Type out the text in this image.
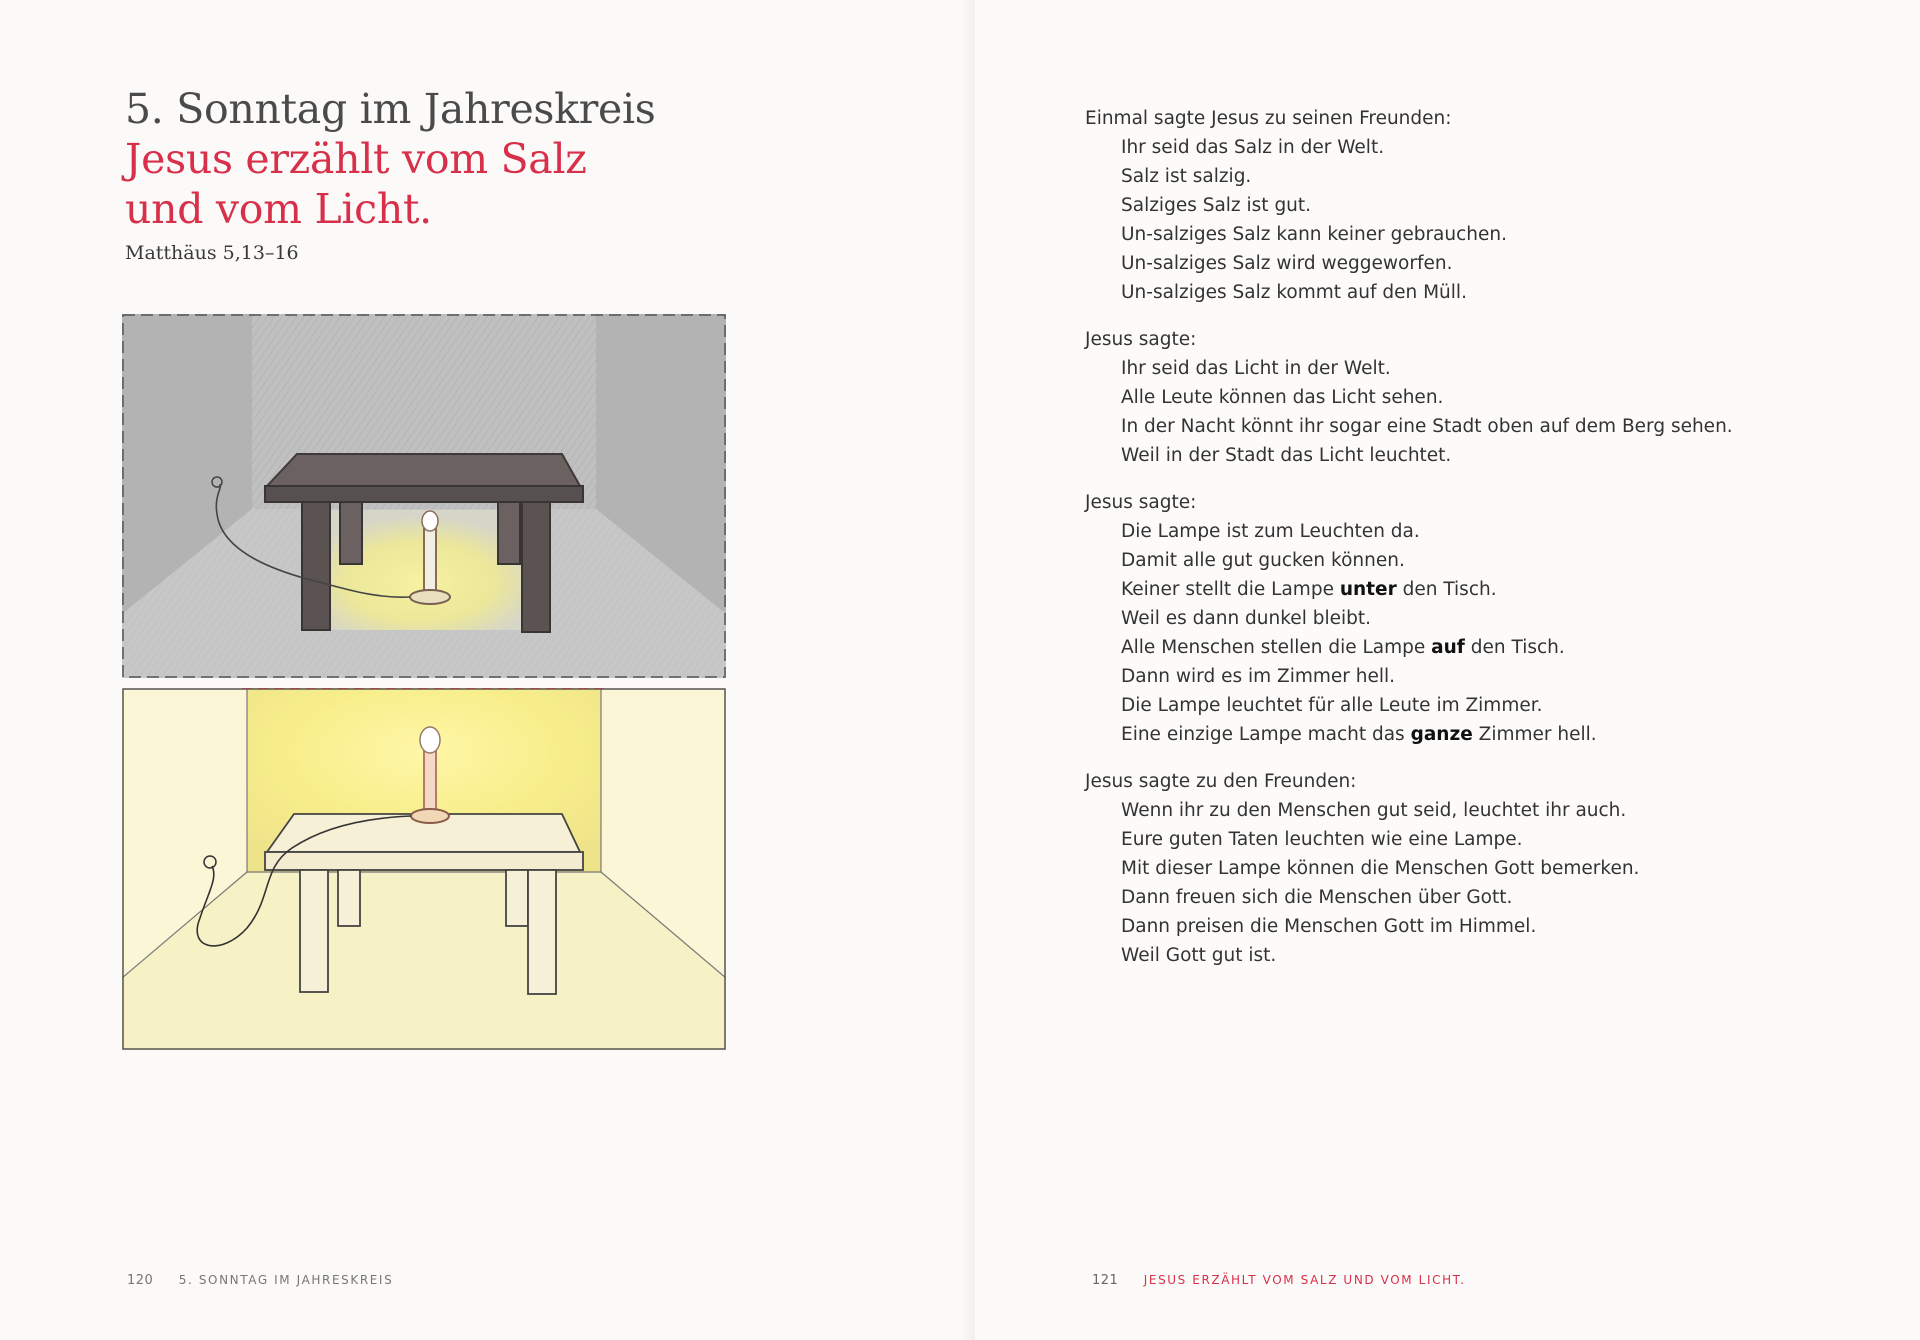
5. Sonntag im Jahreskreis
Jesus erzählt vom Salz
und vom Licht.
Matthäus 5,13–16
120 5. SONNTAG IM JAHRESKREIS
Einmal sagte Jesus zu seinen Freunden:
Ihr seid das Salz in der Welt.
Salz ist salzig.
Salziges Salz ist gut.
Un-salziges Salz kann keiner gebrauchen.
Un-salziges Salz wird weggeworfen.
Un-salziges Salz kommt auf den Müll.
Jesus sagte:
Ihr seid das Licht in der Welt.
Alle Leute können das Licht sehen.
In der Nacht könnt ihr sogar eine Stadt oben auf dem Berg sehen.
Weil in der Stadt das Licht leuchtet.
Jesus sagte:
Die Lampe ist zum Leuchten da.
Damit alle gut gucken können.
Keiner stellt die Lampe unter den Tisch.
Weil es dann dunkel bleibt.
Alle Menschen stellen die Lampe auf den Tisch.
Dann wird es im Zimmer hell.
Die Lampe leuchtet für alle Leute im Zimmer.
Eine einzige Lampe macht das ganze Zimmer hell.
Jesus sagte zu den Freunden:
Wenn ihr zu den Menschen gut seid, leuchtet ihr auch.
Eure guten Taten leuchten wie eine Lampe.
Mit dieser Lampe können die Menschen Gott bemerken.
Dann freuen sich die Menschen über Gott.
Dann preisen die Menschen Gott im Himmel.
Weil Gott gut ist.
121 JESUS ERZÄHLT VOM SALZ UND VOM LICHT.
